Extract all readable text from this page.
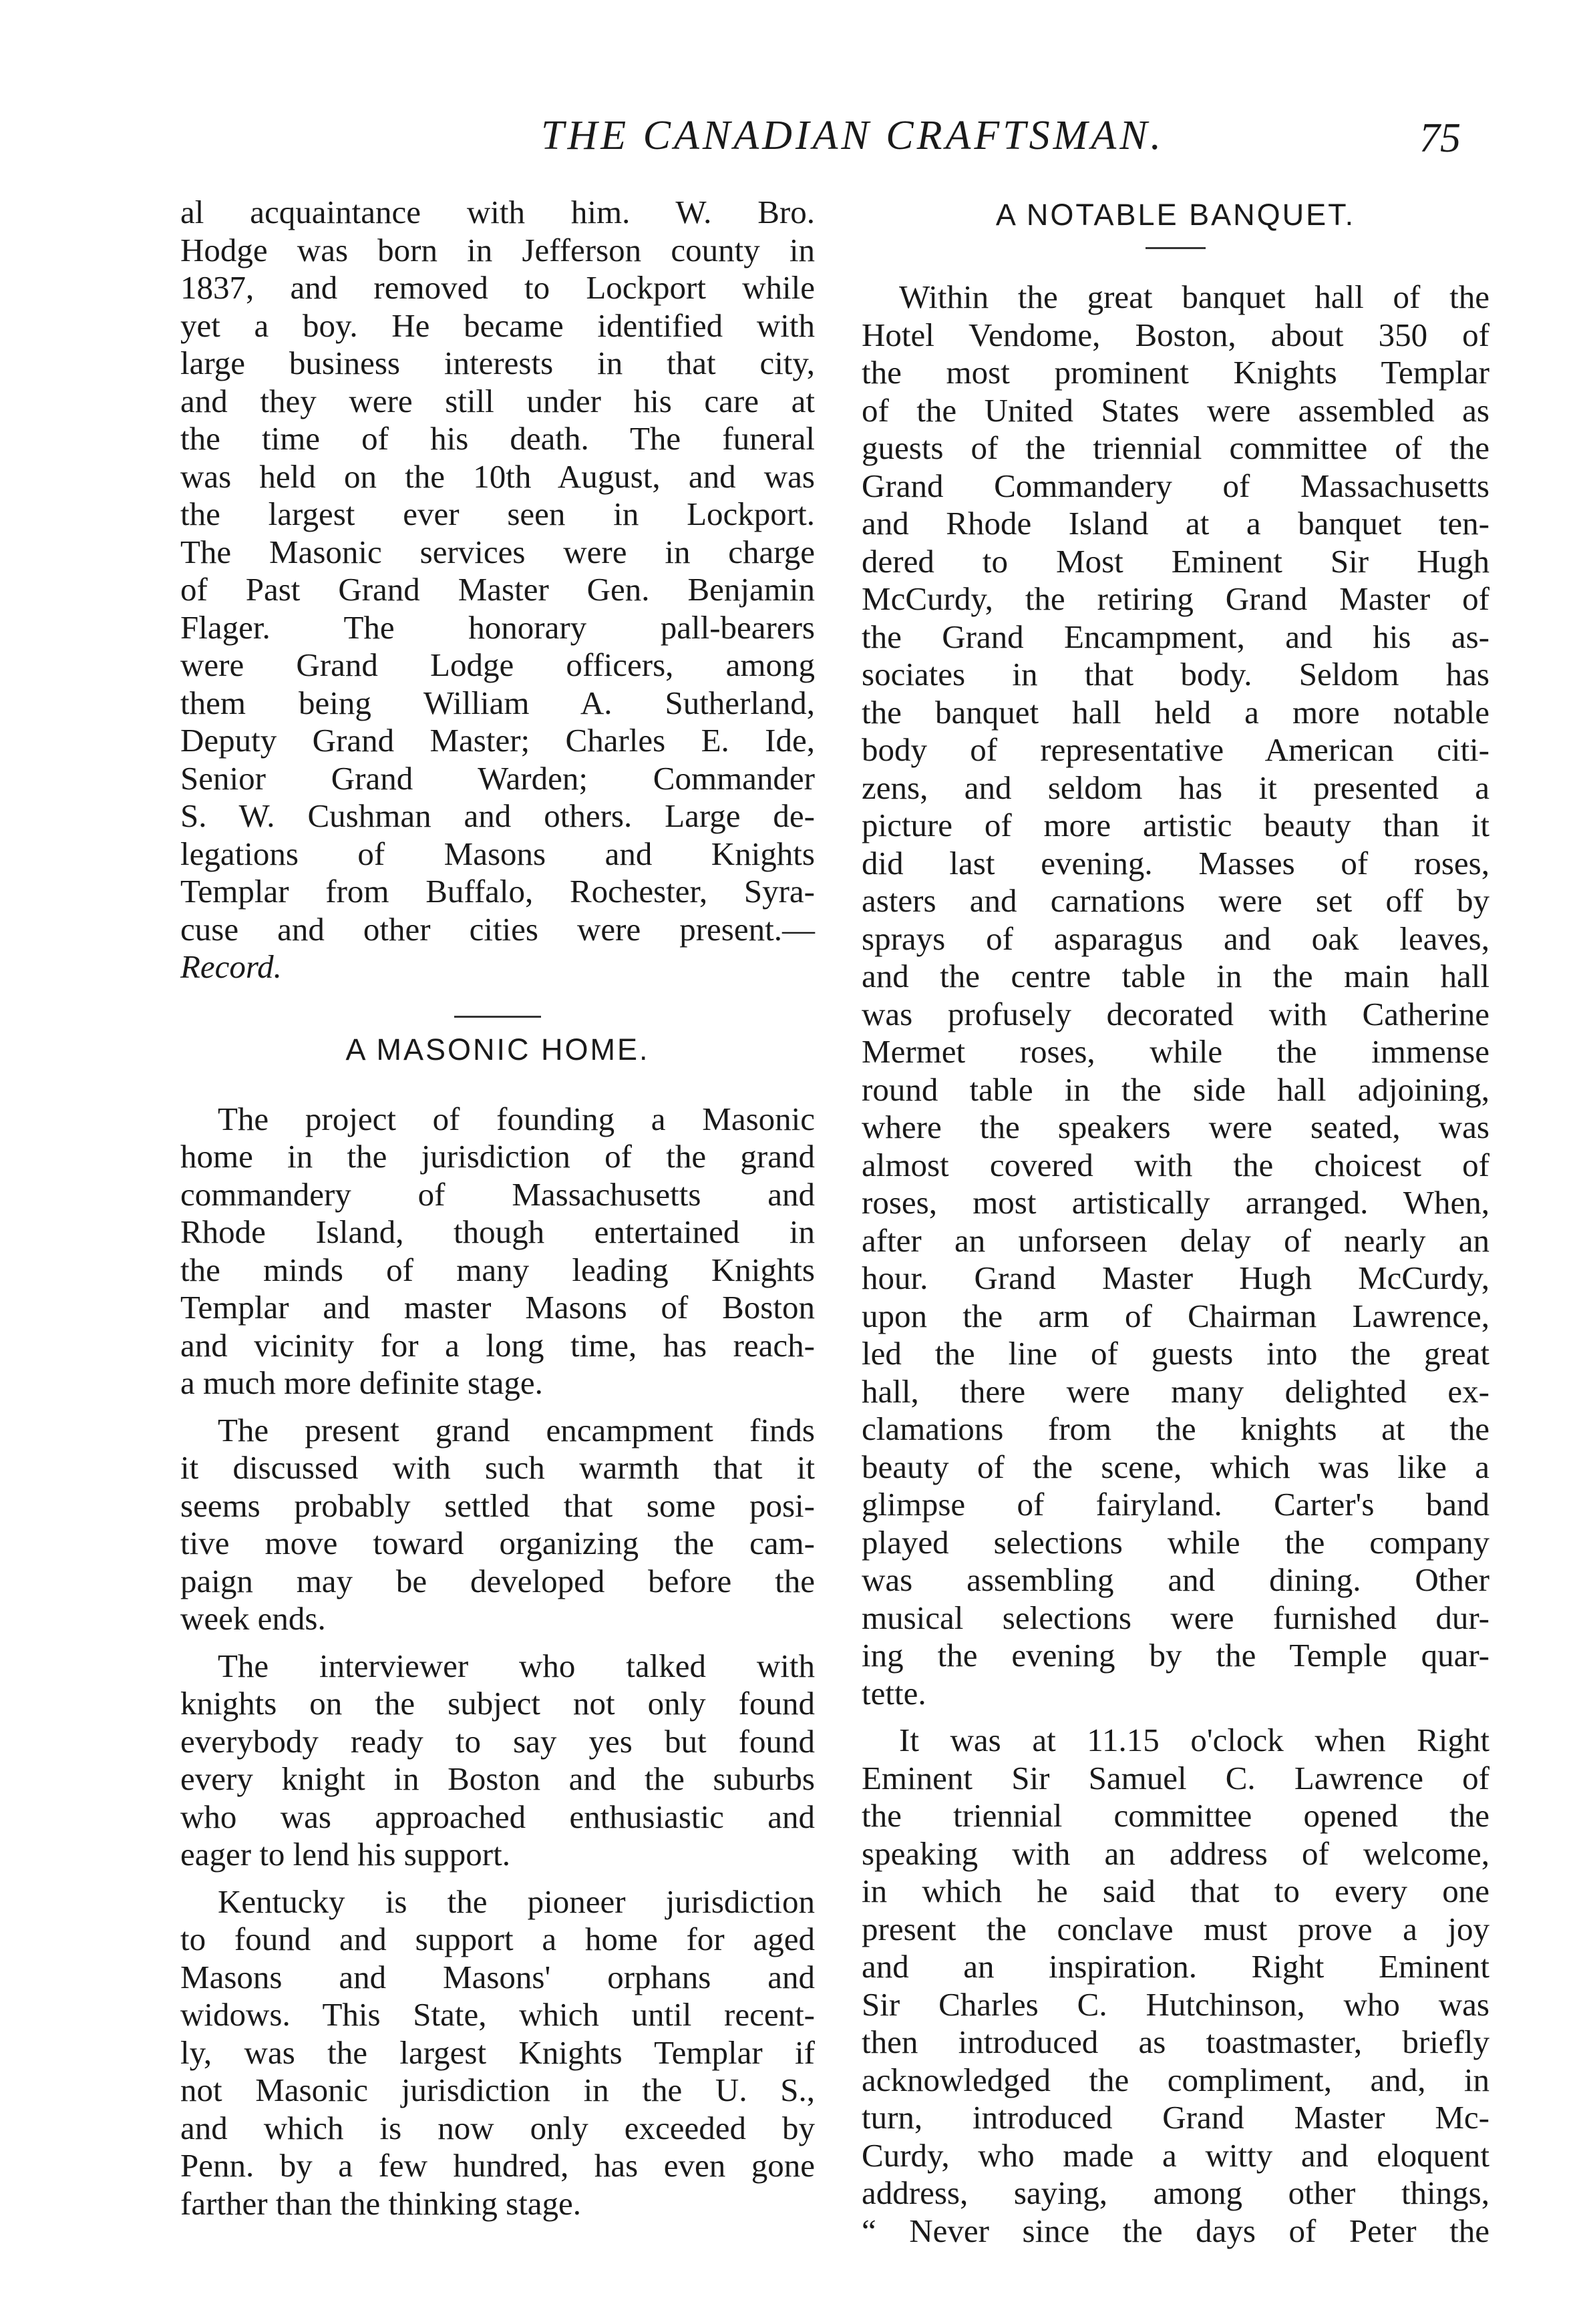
THE CANADIAN CRAFTSMAN.	75
al acquaintance with him. W. Bro.
Hodge was born in Jefferson county in
1837, and removed to Lockport while
yet a boy. He became identified with
large business interests in that city,
and they were still under his care at
the time of his death. The funeral
was held on the 10th August, and was
the largest ever seen in Lockport.
The Masonic services were in charge
of Past Grand Master Gen. Benjamin
Flager. The honorary pall-bearers
were Grand Lodge officers, among
them being William A. Sutherland,
Deputy Grand Master; Charles E. Ide,
Senior Grand Warden; Commander
S. W. Cushman and others. Large de-
legations of Masons and Knights
Templar from Buffalo, Rochester, Syra-
cuse and other cities were present.—
Record.
A MASONIC HOME.
The project of founding a Masonic
home in the jurisdiction of the grand
commandery of Massachusetts and
Rhode Island, though entertained in
the minds of many leading Knights
Templar and master Masons of Boston
and vicinity for a long time, has reach-
a much more definite stage.
The present grand encampment finds
it discussed with such warmth that it
seems probably settled that some posi-
tive move toward organizing the cam-
paign may be developed before the
week ends.
The interviewer who talked with
knights on the subject not only found
everybody ready to say yes but found
every knight in Boston and the suburbs
who was approached enthusiastic and
eager to lend his support.
Kentucky is the pioneer jurisdiction
to found and support a home for aged
Masons and Masons' orphans and
widows. This State, which until recent-
ly, was the largest Knights Templar if
not Masonic jurisdiction in the U. S.,
and which is now only exceeded by
Penn. by a few hundred, has even gone
farther than the thinking stage.
A NOTABLE BANQUET.
Within the great banquet hall of the
Hotel Vendome, Boston, about 350 of
the most prominent Knights Templar
of the United States were assembled as
guests of the triennial committee of the
Grand Commandery of Massachusetts
and Rhode Island at a banquet ten-
dered to Most Eminent Sir Hugh
McCurdy, the retiring Grand Master of
the Grand Encampment, and his as-
sociates in that body. Seldom has
the banquet hall held a more notable
body of representative American citi-
zens, and seldom has it presented a
picture of more artistic beauty than it
did last evening. Masses of roses,
asters and carnations were set off by
sprays of asparagus and oak leaves,
and the centre table in the main hall
was profusely decorated with Catherine
Mermet roses, while the immense
round table in the side hall adjoining,
where the speakers were seated, was
almost covered with the choicest of
roses, most artistically arranged. When,
after an unforseen delay of nearly an
hour. Grand Master Hugh McCurdy,
upon the arm of Chairman Lawrence,
led the line of guests into the great
hall, there were many delighted ex-
clamations from the knights at the
beauty of the scene, which was like a
glimpse of fairyland. Carter's band
played selections while the company
was assembling and dining. Other
musical selections were furnished dur-
ing the evening by the Temple quar-
tette.
It was at 11.15 o'clock when Right
Eminent Sir Samuel C. Lawrence of
the triennial committee opened the
speaking with an address of welcome,
in which he said that to every one
present the conclave must prove a joy
and an inspiration. Right Eminent
Sir Charles C. Hutchinson, who was
then introduced as toastmaster, briefly
acknowledged the compliment, and, in
turn, introduced Grand Master Mc-
Curdy, who made a witty and eloquent
address, saying, among other things,
“ Never since the days of Peter the
